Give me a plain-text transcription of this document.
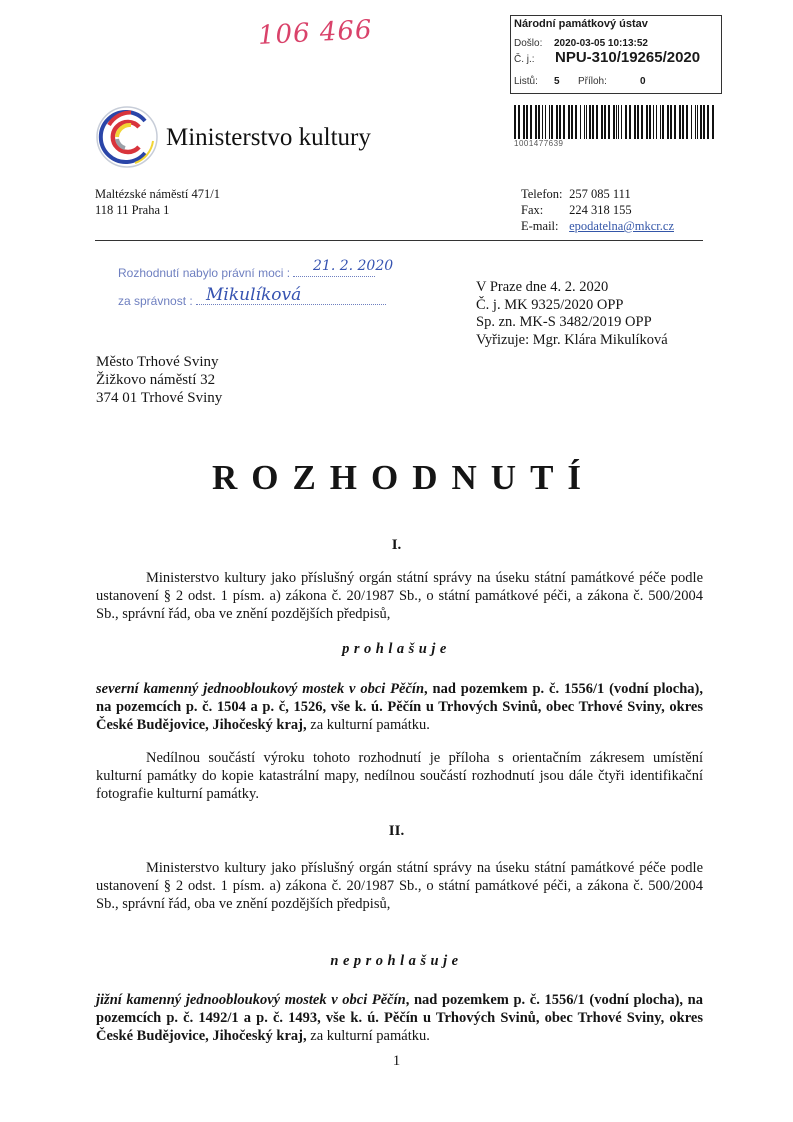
106 466	Národní památkový ústav
Došlo: 2020-03-05 10:13:52
Č. j.: NPU-310/19265/2020
Listů: 5 Příloh:	0
1001477639
Ministerstvo kultury
Maltézské náměstí 471/1
118 11 Praha 1
Telefon: 257 085 111
Fax: 224 318 155
E-mail: epodatelna@mkcr.cz
Rozhodnutí nabylo právní moci : 21. 2. 2020
za správnost : Mikulíková	V Praze dne 4. 2. 2020
Č. j. MK 9325/2020 OPP
Sp. zn. MK-S 3482/2019 OPP
Vyřizuje: Mgr. Klára Mikulíková
Město Trhové Sviny
Žižkovo náměstí 32
374 01 Trhové Sviny
ROZHODNUTÍ
I.
Ministerstvo kultury jako příslušný orgán státní správy na úseku státní památkové péče podle ustanovení § 2 odst. 1 písm. a) zákona č. 20/1987 Sb., o státní památkové péči, a zákona č. 500/2004 Sb., správní řád, oba ve znění pozdějších předpisů,
prohlašuje
severní kamenný jednoobloukový mostek v obci Pěčín, nad pozemkem p. č. 1556/1 (vodní plocha), na pozemcích p. č. 1504 a p. č, 1526, vše k. ú. Pěčín u Trhových Svinů, obec Trhové Sviny, okres České Budějovice, Jihočeský kraj, za kulturní památku.
Nedílnou součástí výroku tohoto rozhodnutí je příloha s orientačním zákresem umístění kulturní památky do kopie katastrální mapy, nedílnou součástí rozhodnutí jsou dále čtyři identifikační fotografie kulturní památky.
II.
Ministerstvo kultury jako příslušný orgán státní správy na úseku státní památkové péče podle ustanovení § 2 odst. 1 písm. a) zákona č. 20/1987 Sb., o státní památkové péči, a zákona č. 500/2004 Sb., správní řád, oba ve znění pozdějších předpisů,
neprohlašuje
jižní kamenný jednoobloukový mostek v obci Pěčín, nad pozemkem p. č. 1556/1 (vodní plocha), na pozemcích p. č. 1492/1 a p. č. 1493, vše k. ú. Pěčín u Trhových Svinů, obec Trhové Sviny, okres České Budějovice, Jihočeský kraj, za kulturní památku.
1
